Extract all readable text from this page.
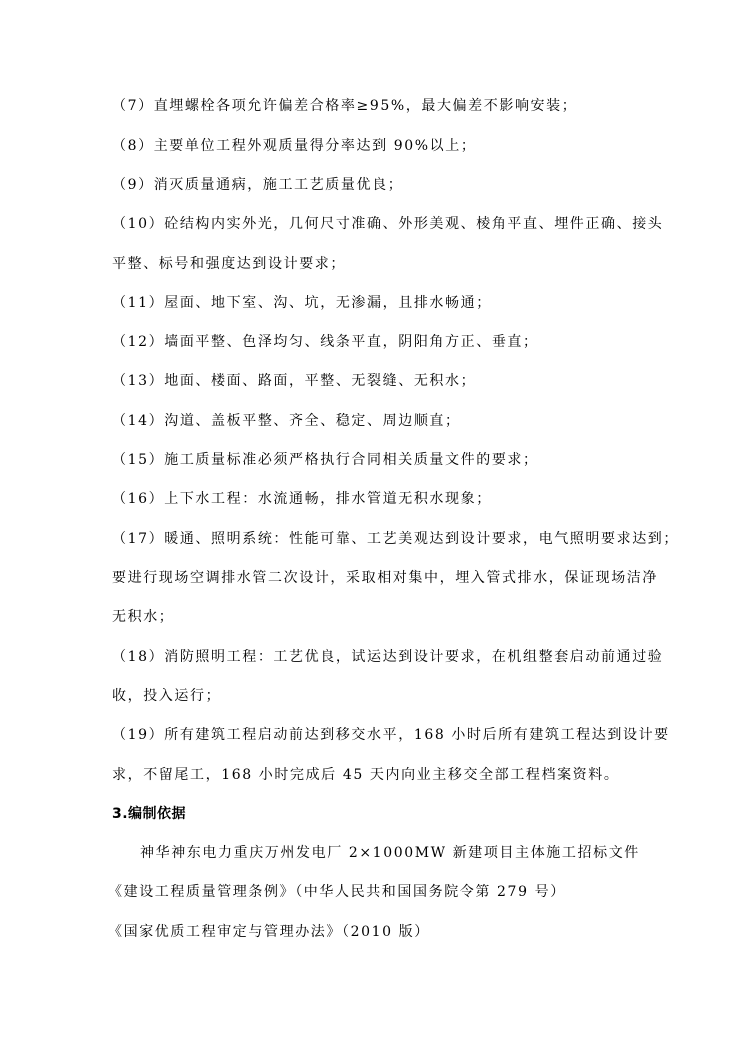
（7）直埋螺栓各项允许偏差合格率≥95%，最大偏差不影响安装；
（8）主要单位工程外观质量得分率达到 90%以上；
（9）消灭质量通病，施工工艺质量优良；
（10）砼结构内实外光，几何尺寸准确、外形美观、棱角平直、埋件正确、接头
平整、标号和强度达到设计要求；
（11）屋面、地下室、沟、坑，无渗漏，且排水畅通；
（12）墙面平整、色泽均匀、线条平直，阴阳角方正、垂直；
（13）地面、楼面、路面，平整、无裂缝、无积水；
（14）沟道、盖板平整、齐全、稳定、周边顺直；
（15）施工质量标准必须严格执行合同相关质量文件的要求；
（16）上下水工程：水流通畅，排水管道无积水现象；
（17）暖通、照明系统：性能可靠、工艺美观达到设计要求，电气照明要求达到；
要进行现场空调排水管二次设计，采取相对集中，埋入管式排水，保证现场洁净
无积水；
（18）消防照明工程：工艺优良，试运达到设计要求，在机组整套启动前通过验
收，投入运行；
（19）所有建筑工程启动前达到移交水平，168 小时后所有建筑工程达到设计要
求，不留尾工，168 小时完成后 45 天内向业主移交全部工程档案资料。
3.编制依据
神华神东电力重庆万州发电厂 2×1000MW 新建项目主体施工招标文件
《建设工程质量管理条例》（中华人民共和国国务院令第 279 号）
《国家优质工程审定与管理办法》（2010 版）
